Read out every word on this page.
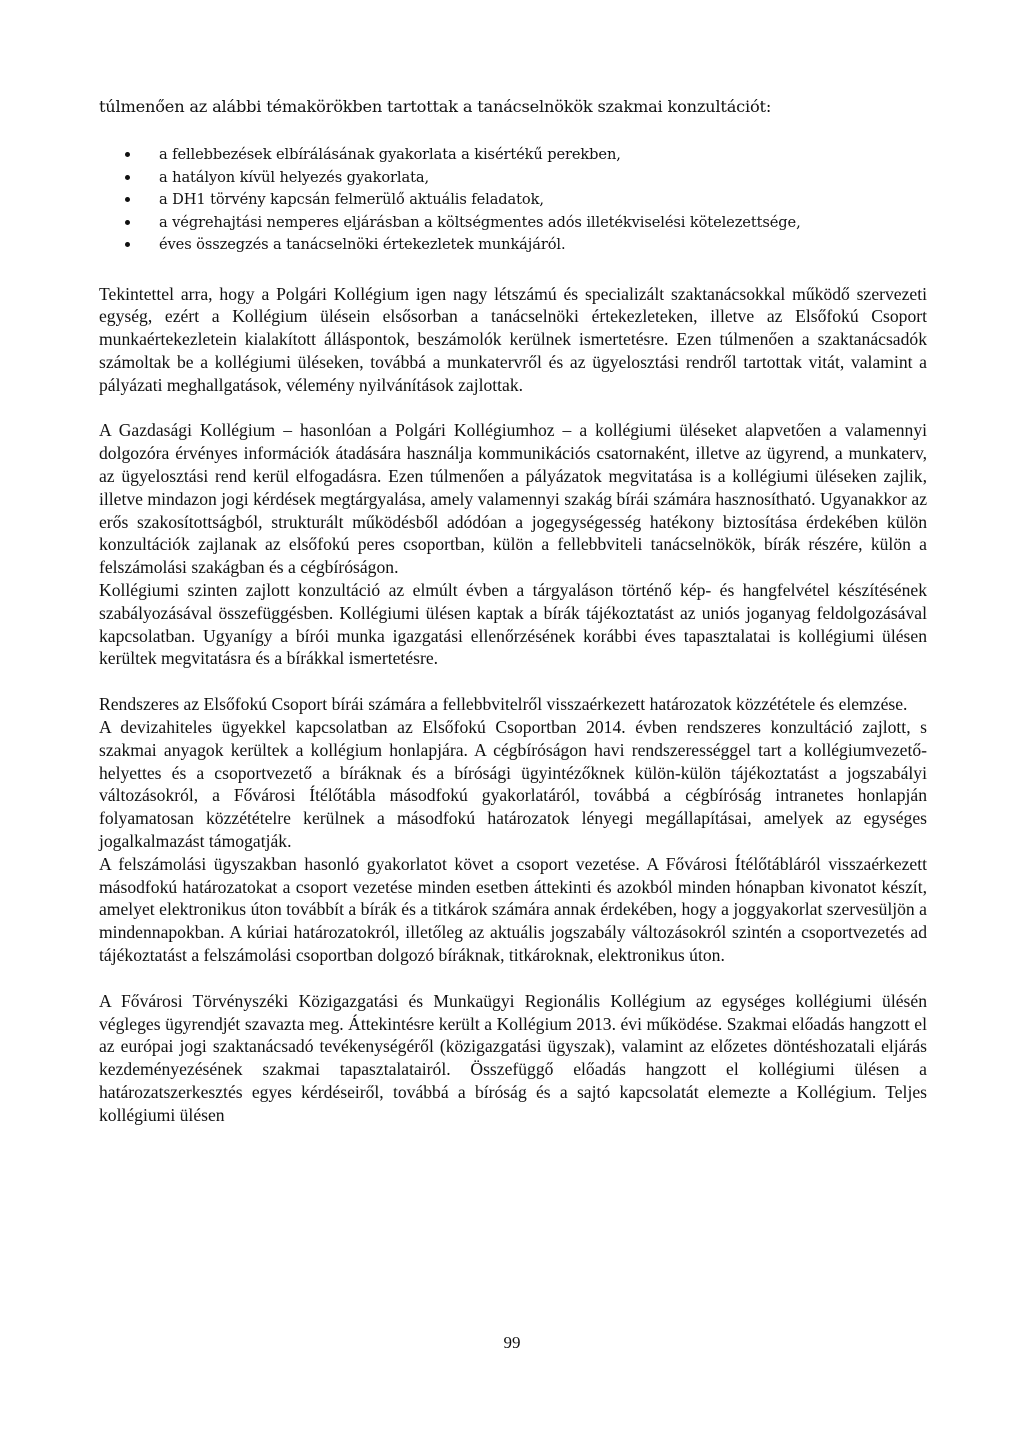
túlmenően az alábbi témakörökben tartottak a tanácselnökök szakmai konzultációt:

a fellebbezések elbírálásának gyakorlata a kisértékű perekben,
a hatályon kívül helyezés gyakorlata,
a DH1 törvény kapcsán felmerülő aktuális feladatok,
a végrehajtási nemperes eljárásban a költségmentes adós illetékviselési kötelezettsége,
éves összegzés a tanácselnöki értekezletek munkájáról.

Tekintettel arra, hogy a Polgári Kollégium igen nagy létszámú és specializált szaktanácsokkal működő szervezeti egység, ezért a Kollégium ülésein elsősorban a tanácselnöki értekezleteken, illetve az Elsőfokú Csoport munkaértekezletein kialakított álláspontok, beszámolók kerülnek ismertetésre. Ezen túlmenően a szaktanácsadók számoltak be a kollégiumi üléseken, továbbá a munkatervről és az ügyelosztási rendről tartottak vitát, valamint a pályázati meghallgatások, vélemény nyilvánítások zajlottak.

A Gazdasági Kollégium – hasonlóan a Polgári Kollégiumhoz – a kollégiumi üléseket alapvetően a valamennyi dolgozóra érvényes információk átadására használja kommunikációs csatornaként, illetve az ügyrend, a munkaterv, az ügyelosztási rend kerül elfogadásra. Ezen túlmenően a pályázatok megvitatása is a kollégiumi üléseken zajlik, illetve mindazon jogi kérdések megtárgyalása, amely valamennyi szakág bírái számára hasznosítható. Ugyanakkor az erős szakosítottságból, strukturált működésből adódóan a jogegységesség hatékony biztosítása érdekében külön konzultációk zajlanak az elsőfokú peres csoportban, külön a fellebbviteli tanácselnökök, bírák részére, külön a felszámolási szakágban és a cégbíróságon.

Kollégiumi szinten zajlott konzultáció az elmúlt évben a tárgyaláson történő kép- és hangfelvétel készítésének szabályozásával összefüggésben. Kollégiumi ülésen kaptak a bírák tájékoztatást az uniós joganyag feldolgozásával kapcsolatban. Ugyanígy a bírói munka igazgatási ellenőrzésének korábbi éves tapasztalatai is kollégiumi ülésen kerültek megvitatásra és a bírákkal ismertetésre.

Rendszeres az Elsőfokú Csoport bírái számára a fellebbvitelről visszaérkezett határozatok közzététele és elemzése.

A devizahiteles ügyekkel kapcsolatban az Elsőfokú Csoportban 2014. évben rendszeres konzultáció zajlott, s szakmai anyagok kerültek a kollégium honlapjára. A cégbíróságon havi rendszerességgel tart a kollégiumvezető-helyettes és a csoportvezető a bíráknak és a bírósági ügyintézőknek külön-külön tájékoztatást a jogszabályi változásokról, a Fővárosi Ítélőtábla másodfokú gyakorlatáról, továbbá a cégbíróság intranetes honlapján folyamatosan közzétételre kerülnek a másodfokú határozatok lényegi megállapításai, amelyek az egységes jogalkalmazást támogatják.

A felszámolási ügyszakban hasonló gyakorlatot követ a csoport vezetése. A Fővárosi Ítélőtábláról visszaérkezett másodfokú határozatokat a csoport vezetése minden esetben áttekinti és azokból minden hónapban kivonatot készít, amelyet elektronikus úton továbbít a bírák és a titkárok számára annak érdekében, hogy a joggyakorlat szervesüljön a mindennapokban. A kúriai határozatokról, illetőleg az aktuális jogszabály változásokról szintén a csoportvezetés ad tájékoztatást a felszámolási csoportban dolgozó bíráknak, titkároknak, elektronikus úton.

A Fővárosi Törvényszéki Közigazgatási és Munkaügyi Regionális Kollégium az egységes kollégiumi ülésén végleges ügyrendjét szavazta meg. Áttekintésre került a Kollégium 2013. évi működése. Szakmai előadás hangzott el az európai jogi szaktanácsadó tevékenységéről (közigazgatási ügyszak), valamint az előzetes döntéshozatali eljárás kezdeményezésének szakmai tapasztalatairól. Összefüggő előadás hangzott el kollégiumi ülésen a határozatszerkesztés egyes kérdéseiről, továbbá a bíróság és a sajtó kapcsolatát elemezte a Kollégium. Teljes kollégiumi ülésen

99
